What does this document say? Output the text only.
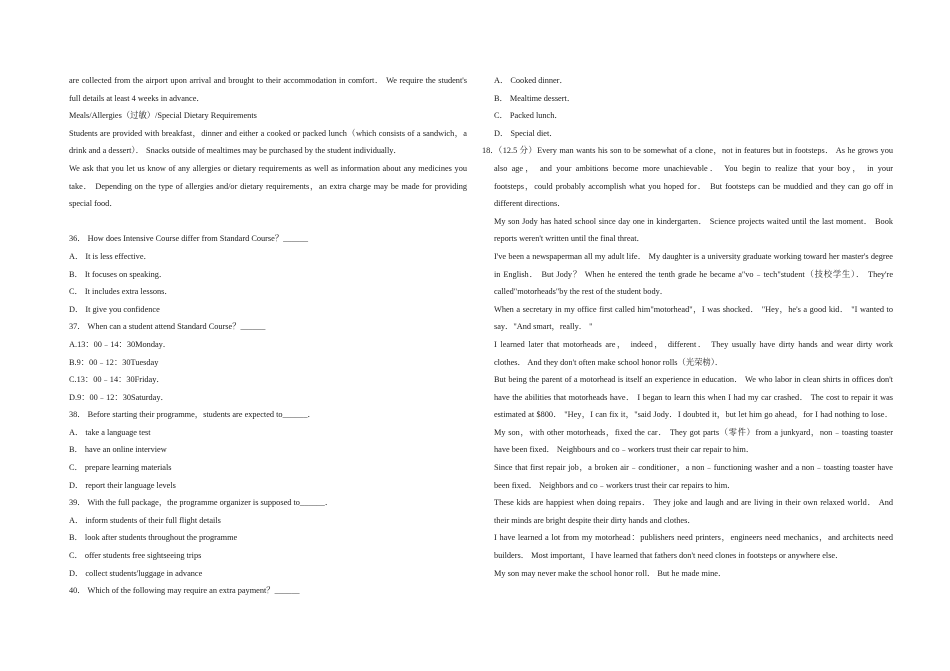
are collected from the airport upon arrival and brought to their accommodation in comfort． We require the student's

full details at least 4 weeks in advance．

Meals/Allergies（过敏）/Special Dietary Requirements

Students are provided with breakfast，dinner and either a cooked or packed lunch（which consists of a sandwich，a

drink and a dessert）． Snacks outside of mealtimes may be purchased by the student individually．

We ask that you let us know of any allergies or dietary requirements as well as information about any medicines you

take． Depending on the type of allergies and/or dietary requirements，an extra charge may be made for providing

special food．

36． How does Intensive Course differ from Standard Course？______

A． It is less effective．

B． It focuses on speaking．

C． It includes extra lessons．

D． It give you confidence

37． When can a student attend Standard Course？______

A.13：00﹣14：30Monday．

B.9：00﹣12：30Tuesday

C.13：00﹣14：30Friday．

D.9：00﹣12：30Saturday．

38． Before starting their programme，students are expected to______．

A． take a language test

B． have an online interview

C． prepare learning materials

D． report their language levels

39． With the full package，the programme organizer is supposed to______．

A． inform students of their full flight details

B． look after students throughout the programme

C． offer students free sightseeing trips

D． collect students'luggage in advance

40． Which of the following may require an extra payment？______

A． Cooked dinner．

B． Mealtime dessert．

C． Packed lunch．

D． Special diet．

18．
（12.5 分）Every man wants his son to be somewhat of a clone，not in features but in footsteps． As he grows you

also age， and your ambitions become more unachievable． You begin to realize that your boy， in your

footsteps，could probably accomplish what you hoped for． But footsteps can be muddied and they can go off in

different directions．

My son Jody has hated school since day one in kindergarten． Science projects waited until the last moment． Book

reports weren't written until the final threat．

I've been a newspaperman all my adult life． My daughter is a university graduate working toward her master's degree

in English． But Jody？ When he entered the tenth grade he became a"vo﹣tech"student（技校学生）． They're

called"motorheads"by the rest of the student body．

When a secretary in my office first called him"motorhead"，I was shocked． "Hey，he's a good kid． "I wanted to

say．"And smart，really． "

I learned later that motorheads are， indeed， different． They usually have dirty hands and wear dirty work

clothes． And they don't often make school honor rolls（光荣榜）．

But being the parent of a motorhead is itself an experience in education． We who labor in clean shirts in offices don't

have the abilities that motorheads have． I began to learn this when I had my car crashed． The cost to repair it was

estimated at $800． "Hey，I can fix it，"said Jody．I doubted it，but let him go ahead，for I had nothing to lose．

My son，with other motorheads，fixed the car． They got parts（零件）from a junkyard，non﹣toasting toaster

have been fixed． Neighbours and co﹣workers trust their car repair to him．

Since that first repair job，a broken air﹣conditioner，a non﹣functioning washer and a non﹣toasting toaster have

been fixed． Neighbors and co﹣workers trust their car repairs to him．

These kids are happiest when doing repairs． They joke and laugh and are living in their own relaxed world． And

their minds are bright despite their dirty hands and clothes．

I have learned a lot from my motorhead：publishers need printers，engineers need mechanics，and architects need

builders． Most important，I have learned that fathers don't need clones in footsteps or anywhere else．

My son may never make the school honor roll． But he made mine．
